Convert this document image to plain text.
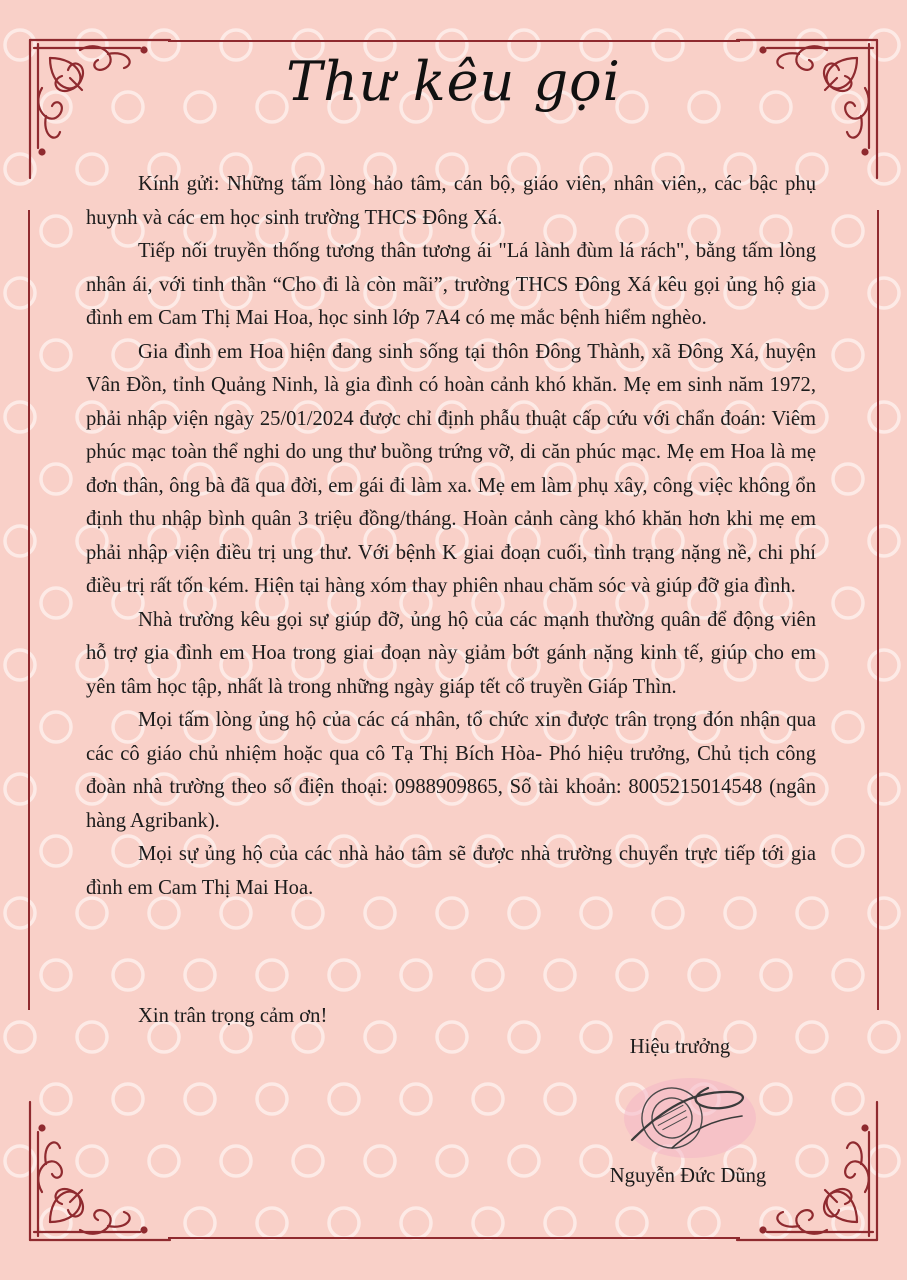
Thư kêu gọi

Kính gửi: Những tấm lòng hảo tâm, cán bộ, giáo viên, nhân viên,, các bậc phụ huynh và các em học sinh trường THCS Đông Xá.

Tiếp nối truyền thống tương thân tương ái "Lá lành đùm lá rách", bằng tấm lòng nhân ái, với tinh thần “Cho đi là còn mãi”, trường THCS Đông Xá kêu gọi ủng hộ gia đình em Cam Thị Mai Hoa, học sinh lớp 7A4 có mẹ mắc bệnh hiểm nghèo.

Gia đình em Hoa hiện đang sinh sống tại thôn Đông Thành, xã Đông Xá, huyện Vân Đồn, tỉnh Quảng Ninh, là gia đình có hoàn cảnh khó khăn. Mẹ em sinh năm 1972, phải nhập viện ngày 25/01/2024 được chỉ định phẫu thuật cấp cứu với chẩn đoán: Viêm phúc mạc toàn thể nghi do ung thư buồng trứng vỡ, di căn phúc mạc. Mẹ em Hoa là mẹ đơn thân, ông bà đã qua đời, em gái đi làm xa. Mẹ em làm phụ xây, công việc không ổn định thu nhập bình quân 3 triệu đồng/tháng. Hoàn cảnh càng khó khăn hơn khi mẹ em phải nhập viện điều trị ung thư. Với bệnh K giai đoạn cuối, tình trạng nặng nề, chi phí điều trị rất tốn kém. Hiện tại hàng xóm thay phiên nhau chăm sóc và giúp đỡ gia đình.

Nhà trường kêu gọi sự giúp đỡ, ủng hộ của các mạnh thường quân để động viên hỗ trợ gia đình em Hoa trong giai đoạn này giảm bớt gánh nặng kinh tế, giúp cho em yên tâm học tập, nhất là trong những ngày giáp tết cổ truyền Giáp Thìn.

Mọi tấm lòng ủng hộ của các cá nhân, tổ chức xin được trân trọng đón nhận qua các cô giáo chủ nhiệm hoặc qua cô Tạ Thị Bích Hòa- Phó hiệu trưởng, Chủ tịch công đoàn nhà trường theo số điện thoại: 0988909865, Số tài khoản: 8005215014548 (ngân hàng Agribank).

Mọi sự ủng hộ của các nhà hảo tâm sẽ được nhà trường chuyển trực tiếp tới gia đình em Cam Thị Mai Hoa.

Xin trân trọng cảm ơn!
Hiệu trưởng
Nguyễn Đức Dũng
